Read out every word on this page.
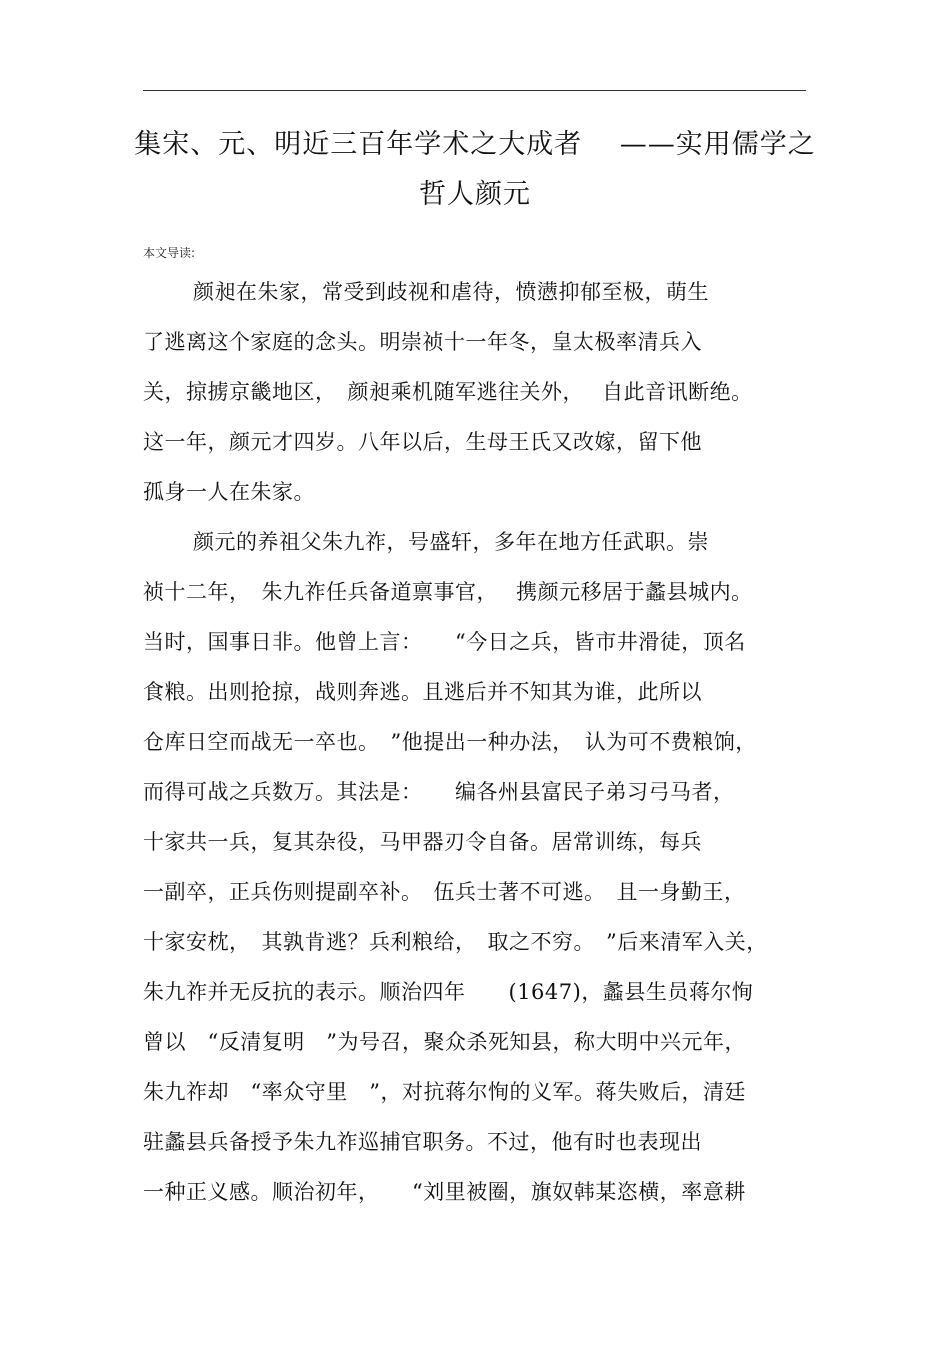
集宋、元、明近三百年学术之大成者　 ——实用儒学之
哲人颜元
本文导读:
颜昶在朱家，常受到歧视和虐待，愤懑抑郁至极，萌生
了逃离这个家庭的念头。明崇祯十一年冬，皇太极率清兵入
关，掠掳京畿地区，　颜昶乘机随军逃往关外，　 自此音讯断绝。
这一年，颜元才四岁。八年以后，生母王氏又改嫁，留下他
孤身一人在朱家。
颜元的养祖父朱九祚，号盛轩，多年在地方任武职。崇
祯十二年，　朱九祚任兵备道禀事官，　 携颜元移居于蠡县城内。
当时，国事日非。他曾上言：　　“今日之兵，皆市井滑徒，顶名
食粮。出则抢掠，战则奔逃。且逃后并不知其为谁，此所以
仓库日空而战无一卒也。　”他提出一种办法，　认为可不费粮饷，
而得可战之兵数万。其法是：　　编各州县富民子弟习弓马者，
十家共一兵，复其杂役，马甲器刃令自备。居常训练，每兵
一副卒，正兵伤则提副卒补。　伍兵士著不可逃。　且一身勤王，
十家安枕，　其孰肯逃？兵利粮给，　取之不穷。　”后来清军入关，
朱九祚并无反抗的表示。顺治四年　　(1647)，蠡县生员蒋尔恂
曾以　“反清复明　”为号召，聚众杀死知县，称大明中兴元年，
朱九祚却　“率众守里　”，对抗蒋尔恂的义军。蒋失败后，清廷
驻蠡县兵备授予朱九祚巡捕官职务。不过，他有时也表现出
一种正义感。顺治初年，　　“刘里被圈，旗奴韩某恣横，率意耕
